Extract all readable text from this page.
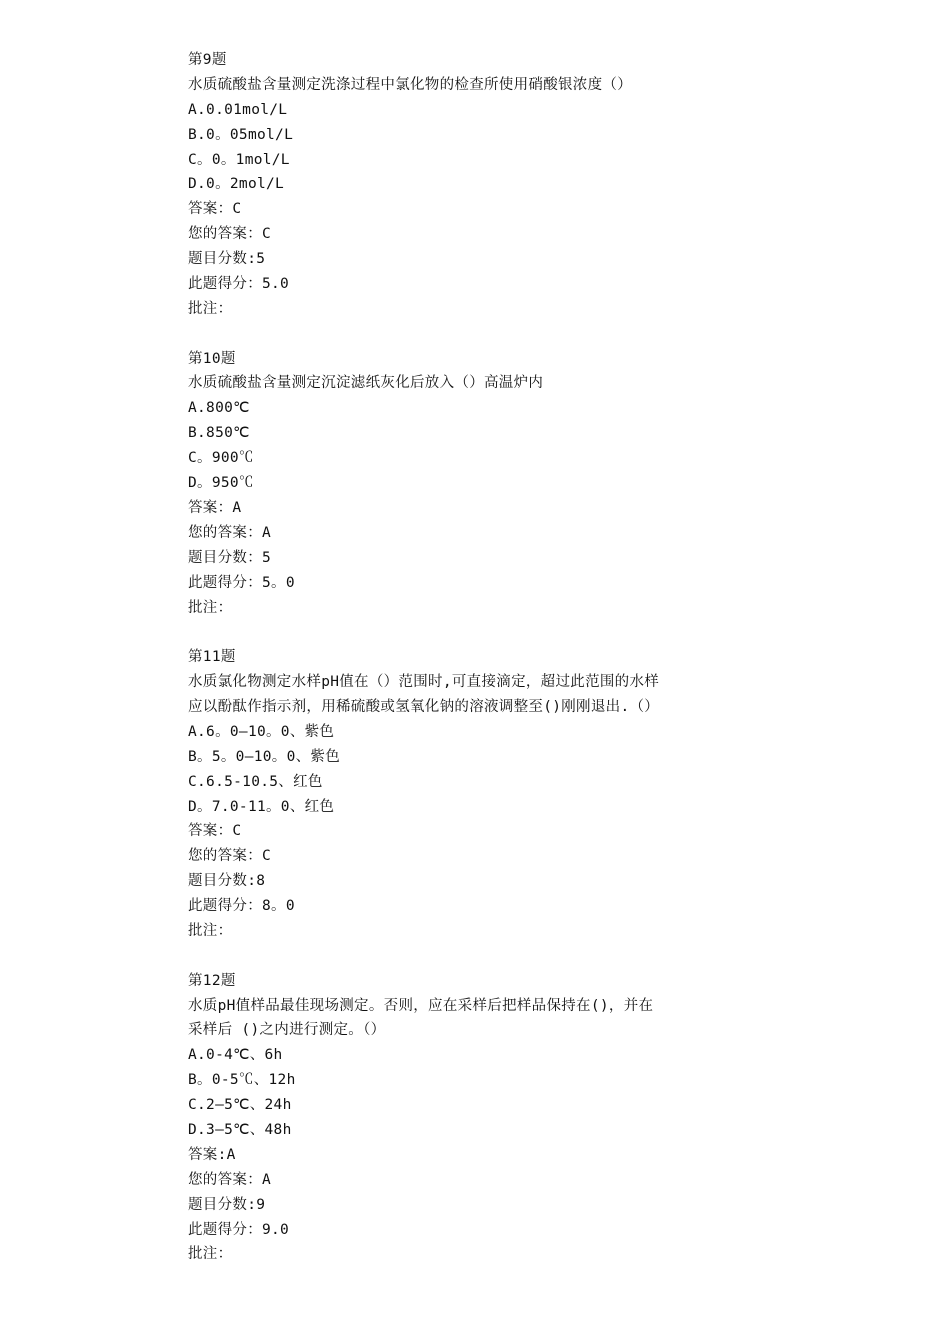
第9题
水质硫酸盐含量测定洗涤过程中氯化物的检查所使用硝酸银浓度（）
A.0.01mol/L
B.0。05mol/L
C。0。1mol/L
D.0。2mol/L
答案：C
您的答案：C
题目分数:5
此题得分：5.0
批注：
第10题
水质硫酸盐含量测定沉淀滤纸灰化后放入（）高温炉内
A.800℃
B.850℃
C。900℃
D。950℃
答案：A
您的答案：A
题目分数：5
此题得分：5。0
批注：
第11题
水质氯化物测定水样pH值在（）范围时,可直接滴定，超过此范围的水样
应以酚酞作指示剂，用稀硫酸或氢氧化钠的溶液调整至()刚刚退出.（）
A.6。0—10。0、紫色
B。5。0—10。0、紫色
C.6.5-10.5、红色
D。7.0-11。0、红色
答案：C
您的答案：C
题目分数:8
此题得分：8。0
批注：
第12题
水质pH值样品最佳现场测定。否则，应在采样后把样品保持在()，并在
采样后 ()之内进行测定。（）
A.0-4℃、6h
B。0-5℃、12h
C.2—5℃、24h
D.3—5℃、48h
答案:A
您的答案：A
题目分数:9
此题得分：9.0
批注：
